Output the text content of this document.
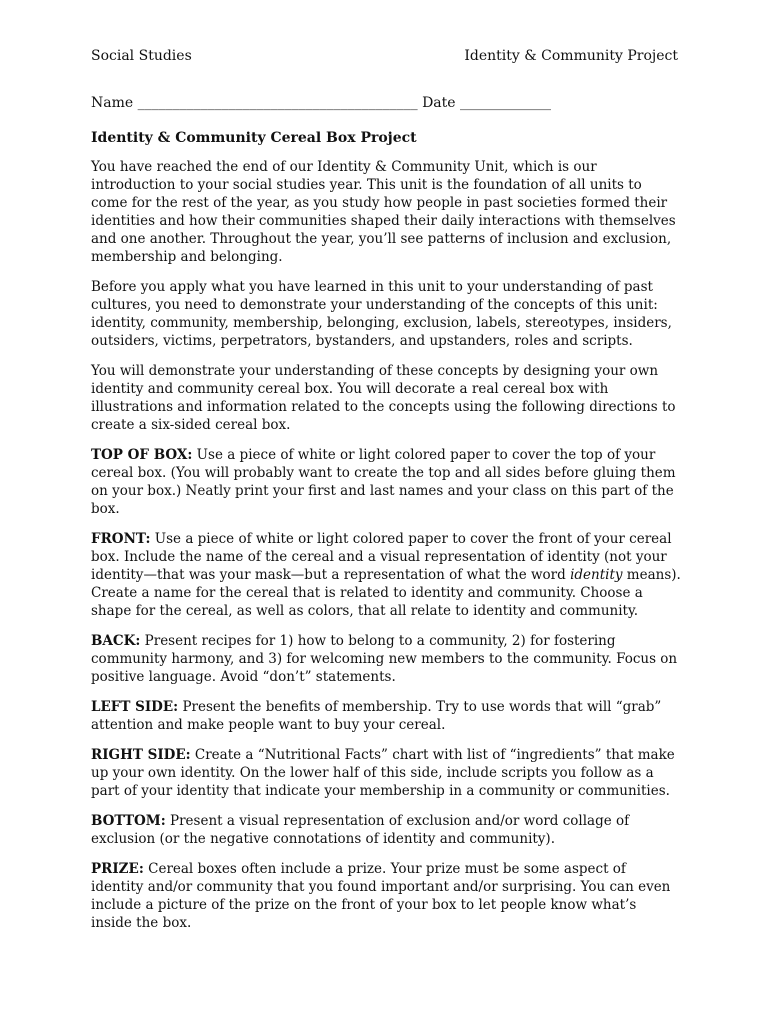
Social Studies	Identity & Community Project
Name ________________________________________ Date _____________
Identity & Community Cereal Box Project

You have reached the end of our Identity & Community Unit, which is our introduction to your social studies year. This unit is the foundation of all units to come for the rest of the year, as you study how people in past societies formed their identities and how their communities shaped their daily interactions with themselves and one another. Throughout the year, you’ll see patterns of inclusion and exclusion, membership and belonging.

Before you apply what you have learned in this unit to your understanding of past cultures, you need to demonstrate your understanding of the concepts of this unit: identity, community, membership, belonging, exclusion, labels, stereotypes, insiders, outsiders, victims, perpetrators, bystanders, and upstanders, roles and scripts.

You will demonstrate your understanding of these concepts by designing your own identity and community cereal box. You will decorate a real cereal box with illustrations and information related to the concepts using the following directions to create a six-sided cereal box.

TOP OF BOX: Use a piece of white or light colored paper to cover the top of your cereal box. (You will probably want to create the top and all sides before gluing them on your box.) Neatly print your first and last names and your class on this part of the box.

FRONT: Use a piece of white or light colored paper to cover the front of your cereal box. Include the name of the cereal and a visual representation of identity (not your identity—that was your mask—but a representation of what the word identity means). Create a name for the cereal that is related to identity and community. Choose a shape for the cereal, as well as colors, that all relate to identity and community.

BACK: Present recipes for 1) how to belong to a community, 2) for fostering community harmony, and 3) for welcoming new members to the community. Focus on positive language. Avoid “don’t” statements.

LEFT SIDE: Present the benefits of membership. Try to use words that will “grab” attention and make people want to buy your cereal.

RIGHT SIDE: Create a “Nutritional Facts” chart with list of “ingredients” that make up your own identity. On the lower half of this side, include scripts you follow as a part of your identity that indicate your membership in a community or communities.

BOTTOM: Present a visual representation of exclusion and/or word collage of exclusion (or the negative connotations of identity and community).

PRIZE: Cereal boxes often include a prize. Your prize must be some aspect of identity and/or community that you found important and/or surprising. You can even include a picture of the prize on the front of your box to let people know what’s inside the box.
